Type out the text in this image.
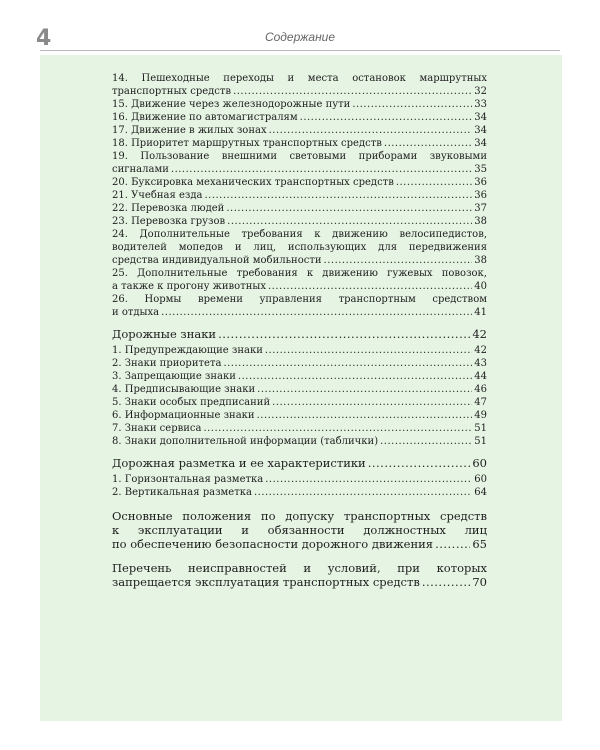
4	Содержание
14. Пешеходные переходы и места остановок маршрутных
транспортных средств .....	32
15. Движение через железнодорожные пути .....	33
16. Движение по автомагистралям .....	34
17. Движение в жилых зонах .....	34
18. Приоритет маршрутных транспортных средств .....	34
19. Пользование внешними световыми приборами звуковыми
сигналами .....	35
20. Буксировка механических транспортных средств .....	36
21. Учебная езда .....	36
22. Перевозка людей .....	37
23. Перевозка грузов .....	38
24. Дополнительные требования к движению велосипедистов,
водителей мопедов и лиц, использующих для передвижения
средства индивидуальной мобильности .....	38
25. Дополнительные требования к движению гужевых повозок,
а также к прогону животных .....	40
26. Нормы времени управления транспортным средством
и отдыха .....	41
Дорожные знаки .....	42
1. Предупреждающие знаки .....	42
2. Знаки приоритета .....	43
3. Запрещающие знаки .....	44
4. Предписывающие знаки .....	46
5. Знаки особых предписаний .....	47
6. Информационные знаки .....	49
7. Знаки сервиса .....	51
8. Знаки дополнительной информации (таблички) .....	51
Дорожная разметка и ее характеристики .....	60
1. Горизонтальная разметка .....	60
2. Вертикальная разметка .....	64
Основные положения по допуску транспортных средств
к эксплуатации и обязанности должностных лиц
по обеспечению безопасности дорожного движения .....	65
Перечень неисправностей и условий, при которых
запрещается эксплуатация транспортных средств .....	70
